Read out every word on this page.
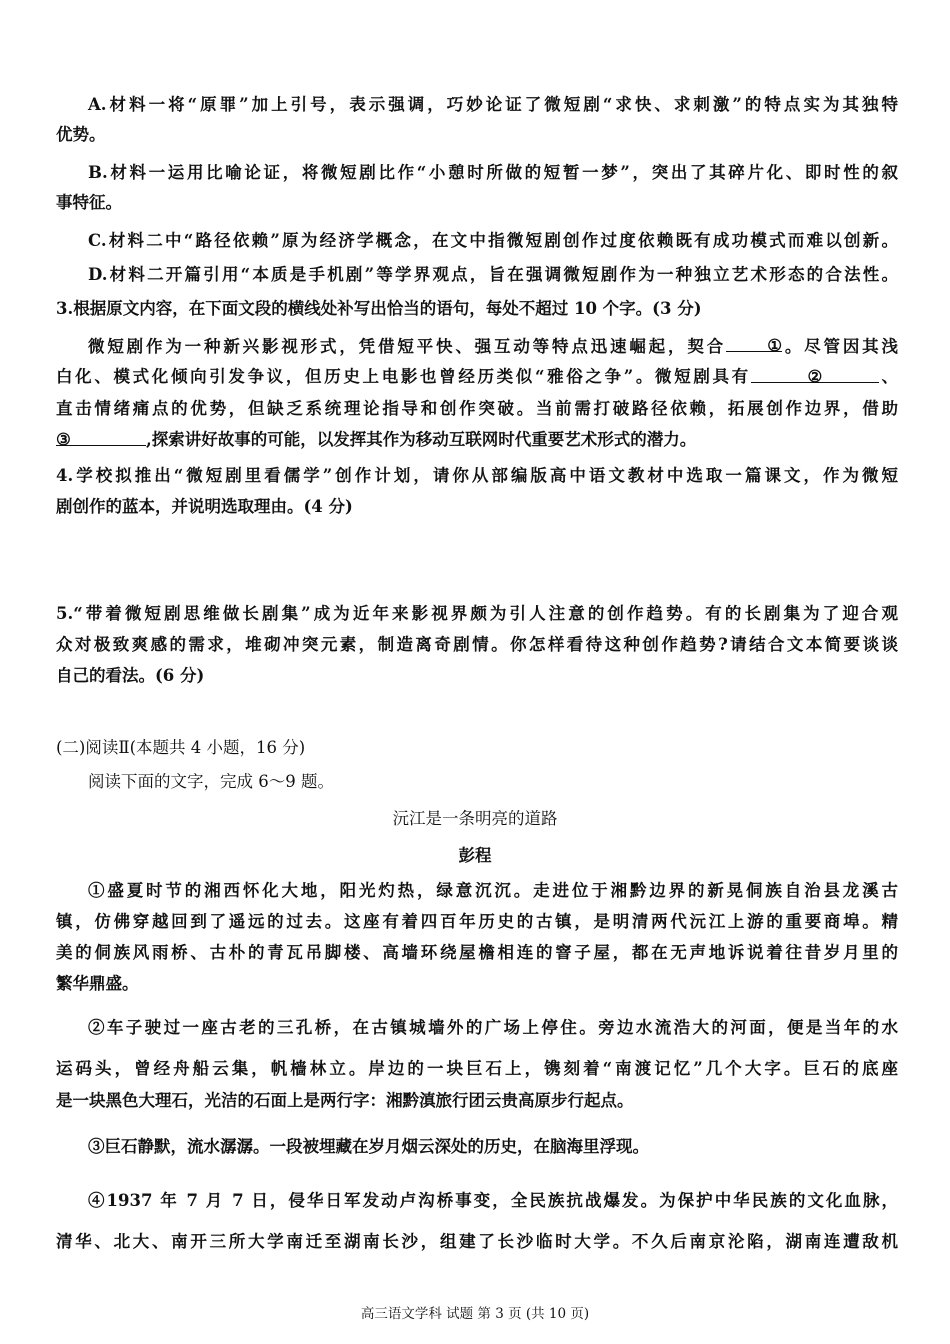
A.材料一将“原罪”加上引号，表示强调，巧妙论证了微短剧“求快、求刺激”的特点实为其独特
优势。
B.材料一运用比喻论证，将微短剧比作“小憩时所做的短暂一梦”，突出了其碎片化、即时性的叙
事特征。
C.材料二中“路径依赖”原为经济学概念，在文中指微短剧创作过度依赖既有成功模式而难以创新。
D.材料二开篇引用“本质是手机剧”等学界观点，旨在强调微短剧作为一种独立艺术形态的合法性。
3.根据原文内容，在下面文段的横线处补写出恰当的语句，每处不超过 10 个字。(3 分)
微短剧作为一种新兴影视形式，凭借短平快、强互动等特点迅速崛起，契合 ① 。尽管因其浅
白化、模式化倾向引发争议，但历史上电影也曾经历类似“雅俗之争”。微短剧具有	②	、
直击情绪痛点的优势，但缺乏系统理论指导和创作突破。当前需打破路径依赖，拓展创作边界，借助
③	,探索讲好故事的可能，以发挥其作为移动互联网时代重要艺术形式的潜力。
4.学校拟推出“微短剧里看儒学”创作计划，请你从部编版高中语文教材中选取一篇课文，作为微短
剧创作的蓝本，并说明选取理由。(4 分)
5.“带着微短剧思维做长剧集”成为近年来影视界颇为引人注意的创作趋势。有的长剧集为了迎合观
众对极致爽感的需求，堆砌冲突元素，制造离奇剧情。你怎样看待这种创作趋势?请结合文本简要谈谈
自己的看法。(6 分)
(二)阅读Ⅱ(本题共 4 小题，16 分)
阅读下面的文字，完成 6～9 题。
沅江是一条明亮的道路
彭程
①盛夏时节的湘西怀化大地，阳光灼热，绿意沉沉。走进位于湘黔边界的新晃侗族自治县龙溪古
镇，仿佛穿越回到了遥远的过去。这座有着四百年历史的古镇，是明清两代沅江上游的重要商埠。精
美的侗族风雨桥、古朴的青瓦吊脚楼、高墙环绕屋檐相连的窨子屋，都在无声地诉说着往昔岁月里的
繁华鼎盛。
②车子驶过一座古老的三孔桥，在古镇城墙外的广场上停住。旁边水流浩大的河面，便是当年的水
运码头，曾经舟船云集，帆樯林立。岸边的一块巨石上，镌刻着“南渡记忆”几个大字。巨石的底座
是一块黑色大理石，光洁的石面上是两行字：湘黔滇旅行团云贵高原步行起点。
③巨石静默，流水潺潺。一段被埋藏在岁月烟云深处的历史，在脑海里浮现。
④1937 年 7 月 7 日，侵华日军发动卢沟桥事变，全民族抗战爆发。为保护中华民族的文化血脉，
清华、北大、南开三所大学南迁至湖南长沙，组建了长沙临时大学。不久后南京沦陷，湖南连遭敌机
高三语文学科 试题 第 3 页 (共 10 页)
